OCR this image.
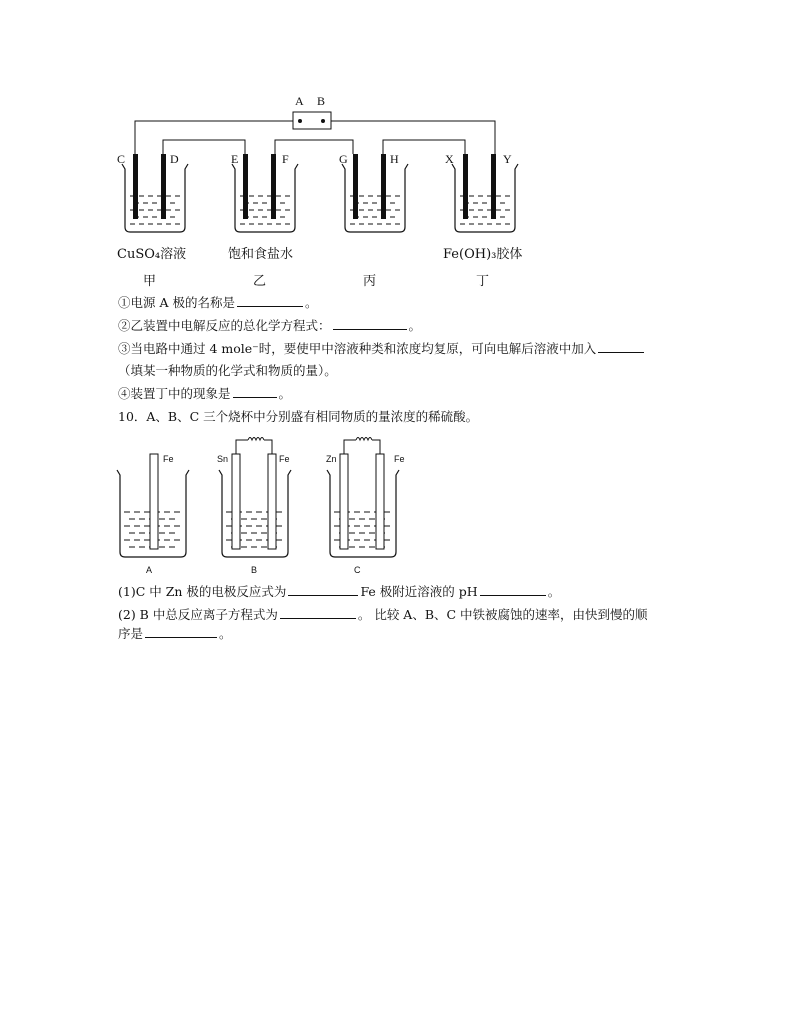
A B
C	D	E	F	G	H	X	Y
CuSO₄溶液	饱和食盐水	Fe(OH)₃胶体
甲	乙	丙	丁
①电源 A 极的名称是	。
②乙装置中电解反应的总化学方程式：	。
③当电路中通过 4 mole⁻时，要使甲中溶液种类和浓度均复原，可向电解后溶液中加入
（填某一种物质的化学式和物质的量）。
④装置丁中的现象是	。
10．A、B、C 三个烧杯中分别盛有相同物质的量浓度的稀硫酸。
Fe	Sn	Fe	Zn	Fe
A	B	C
(1)C 中 Zn 极的电极反应式为	Fe 极附近溶液的 pH	。
(2) B 中总反应离子方程式为	。 比较 A、B、C 中铁被腐蚀的速率，由快到慢的顺
序是	。
